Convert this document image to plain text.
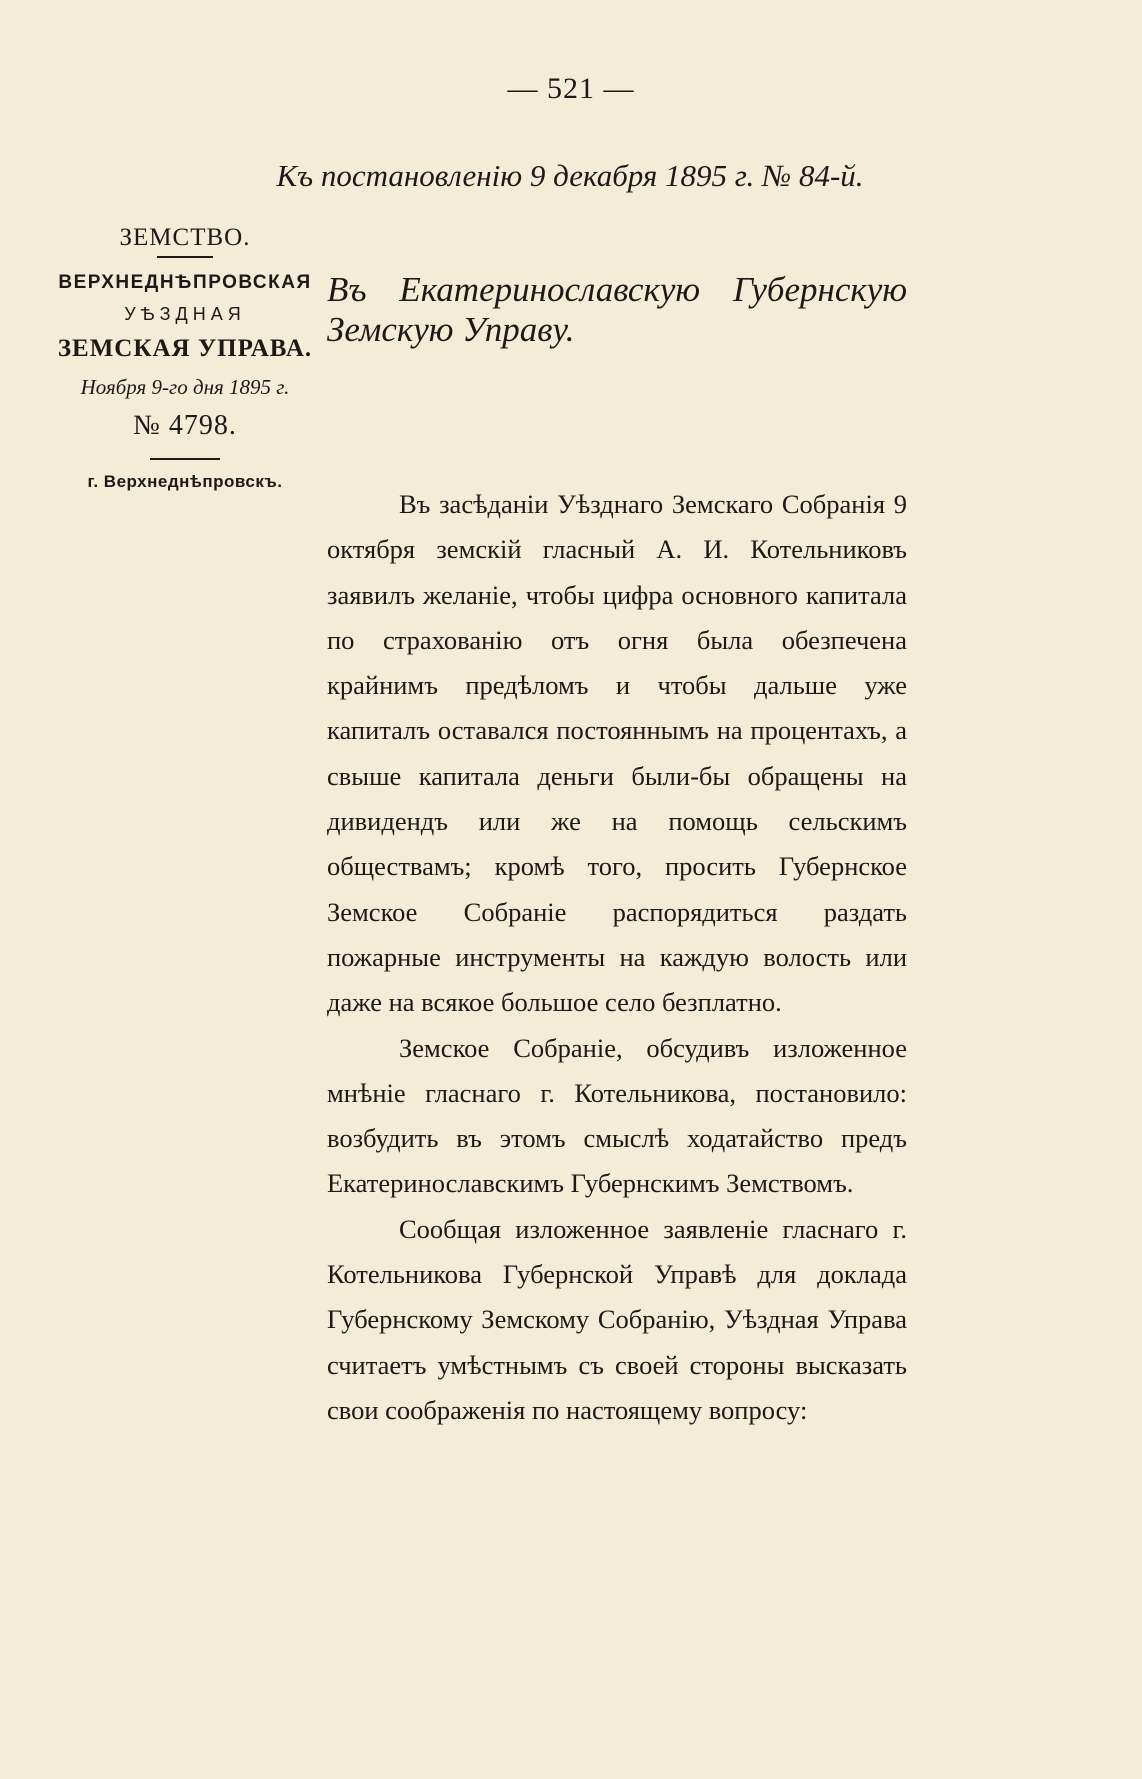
— 521 —
Къ постановленію 9 декабря 1895 г. № 84-й.
ЗЕМСТВО.
ВЕРХНЕДНѢПРОВСКАЯ
УѢЗДНАЯ
ЗЕМСКАЯ УПРАВА.
Ноября 9-го дня 1895 г.
№ 4798.
г. Верхнеднѣпровскъ.
Въ Екатеринославскую Губернскую Земскую Управу.

Въ засѣданіи Уѣзднаго Земскаго Собранія 9 октября земскій гласный А. И. Котельниковъ заявилъ желаніе, чтобы цифра основного капитала по страхованію отъ огня была обезпечена крайнимъ предѣломъ и чтобы дальше уже капиталъ оставался постояннымъ на процентахъ, а свыше капитала деньги были-бы обращены на дивидендъ или же на помощь сельскимъ обществамъ; кромѣ того, просить Губернское Земское Собраніе распорядиться раздать пожарные инструменты на каждую волость или даже на всякое большое село безплатно.

Земское Собраніе, обсудивъ изложенное мнѣніе гласнаго г. Котельникова, постановило: возбудить въ этомъ смыслѣ ходатайство предъ Екатеринославскимъ Губернскимъ Земствомъ.

Сообщая изложенное заявленіе гласнаго г. Котельникова Губернской Управѣ для доклада Губернскому Земскому Собранію, Уѣздная Управа считаетъ умѣстнымъ съ своей стороны высказать свои соображенія по настоящему вопросу:
